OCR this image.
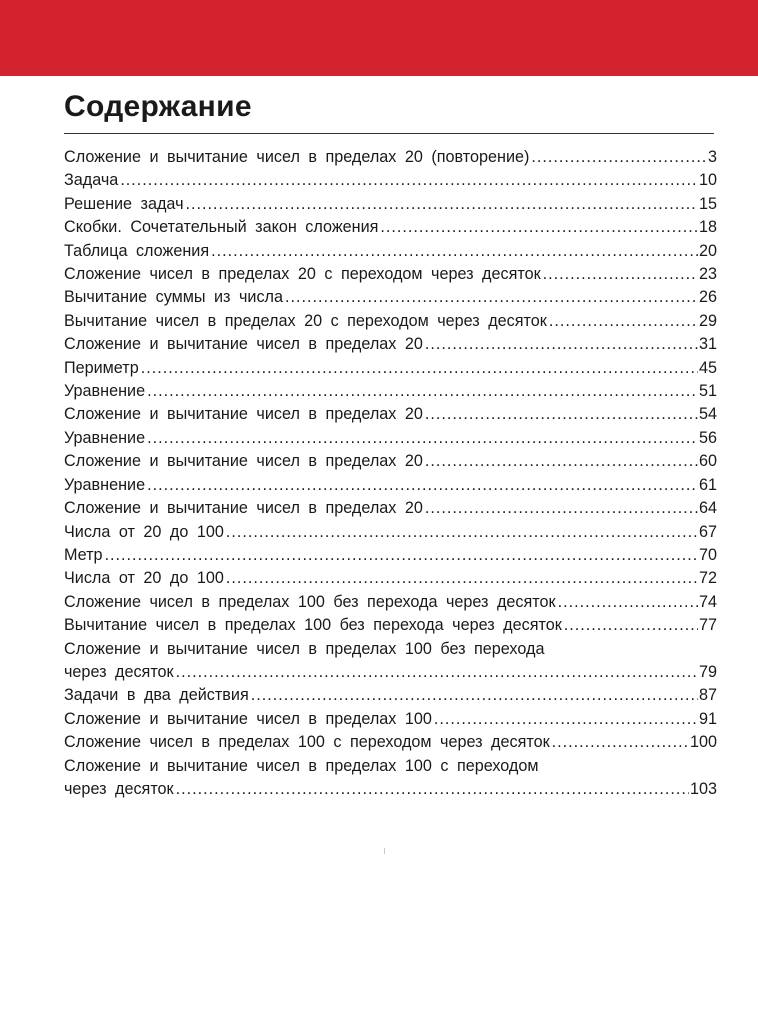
Содержание
Сложение и вычитание чисел в пределах 20 (повторение) .....	3
Задача .....	10
Решение задач .....	15
Скобки. Сочетательный закон сложения .....	18
Таблица сложения .....	20
Сложение чисел в пределах 20 с переходом через десяток .....	23
Вычитание суммы из числа .....	26
Вычитание чисел в пределах 20 с переходом через десяток .....	29
Сложение и вычитание чисел в пределах 20 .....	31
Периметр .....	45
Уравнение .....	51
Сложение и вычитание чисел в пределах 20 .....	54
Уравнение .....	56
Сложение и вычитание чисел в пределах 20 .....	60
Уравнение .....	61
Сложение и вычитание чисел в пределах 20 .....	64
Числа от 20 до 100 .....	67
Метр .....	70
Числа от 20 до 100 .....	72
Сложение чисел в пределах 100 без перехода через десяток .....	74
Вычитание чисел в пределах 100 без перехода через десяток .....	77
Сложение и вычитание чисел в пределах 100 без перехода
через десяток .....	79
Задачи в два действия .....	87
Сложение и вычитание чисел в пределах 100 .....	91
Сложение чисел в пределах 100 с переходом через десяток .....	100
Сложение и вычитание чисел в пределах 100 с переходом
через десяток .....	103
